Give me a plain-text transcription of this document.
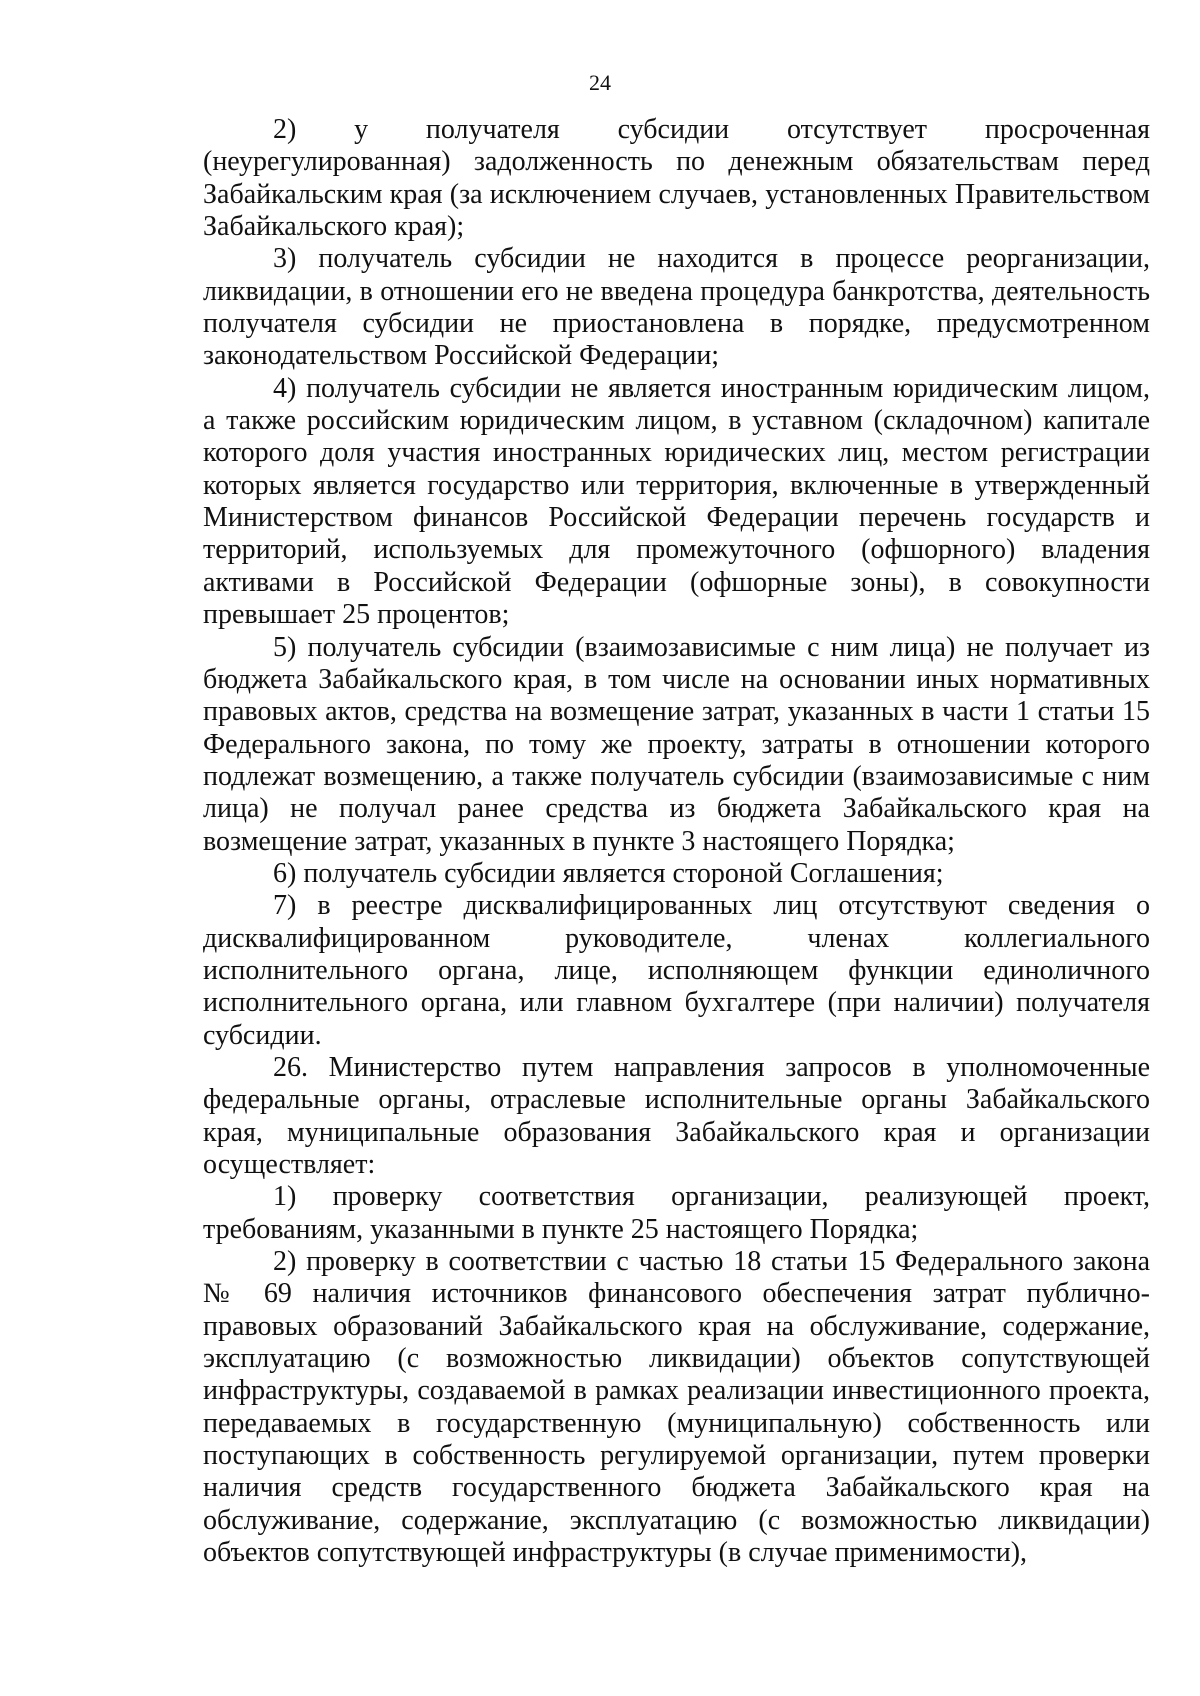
24

2) у получателя субсидии отсутствует просроченная (неурегулированная) задолженность по денежным обязательствам перед Забайкальским края (за исключением случаев, установленных Правительством Забайкальского края);

3) получатель субсидии не находится в процессе реорганизации, ликвидации, в отношении его не введена процедура банкротства, деятельность получателя субсидии не приостановлена в порядке, предусмотренном законодательством Российской Федерации;

4) получатель субсидии не является иностранным юридическим лицом, а также российским юридическим лицом, в уставном (складочном) капитале которого доля участия иностранных юридических лиц, местом регистрации которых является государство или территория, включенные в утвержденный Министерством финансов Российской Федерации перечень государств и территорий, используемых для промежуточного (офшорного) владения активами в Российской Федерации (офшорные зоны), в совокупности превышает 25 процентов;

5) получатель субсидии (взаимозависимые с ним лица) не получает из бюджета Забайкальского края, в том числе на основании иных нормативных правовых актов, средства на возмещение затрат, указанных в части 1 статьи 15 Федерального закона, по тому же проекту, затраты в отношении которого подлежат возмещению, а также получатель субсидии (взаимозависимые с ним лица) не получал ранее средства из бюджета Забайкальского края на возмещение затрат, указанных в пункте 3 настоящего Порядка;

6) получатель субсидии является стороной Соглашения;

7) в реестре дисквалифицированных лиц отсутствуют сведения о дисквалифицированном руководителе, членах коллегиального исполнительного органа, лице, исполняющем функции единоличного исполнительного органа, или главном бухгалтере (при наличии) получателя субсидии.

26. Министерство путем направления запросов в уполномоченные федеральные органы, отраслевые исполнительные органы Забайкальского края, муниципальные образования Забайкальского края и организации осуществляет:

1) проверку соответствия организации, реализующей проект, требованиям, указанными в пункте 25 настоящего Порядка;

2) проверку в соответствии с частью 18 статьи 15 Федерального закона № 69 наличия источников финансового обеспечения затрат публично-правовых образований Забайкальского края на обслуживание, содержание, эксплуатацию (с возможностью ликвидации) объектов сопутствующей инфраструктуры, создаваемой в рамках реализации инвестиционного проекта, передаваемых в государственную (муниципальную) собственность или поступающих в собственность регулируемой организации, путем проверки наличия средств государственного бюджета Забайкальского края на обслуживание, содержание, эксплуатацию (с возможностью ликвидации) объектов сопутствующей инфраструктуры (в случае применимости),
